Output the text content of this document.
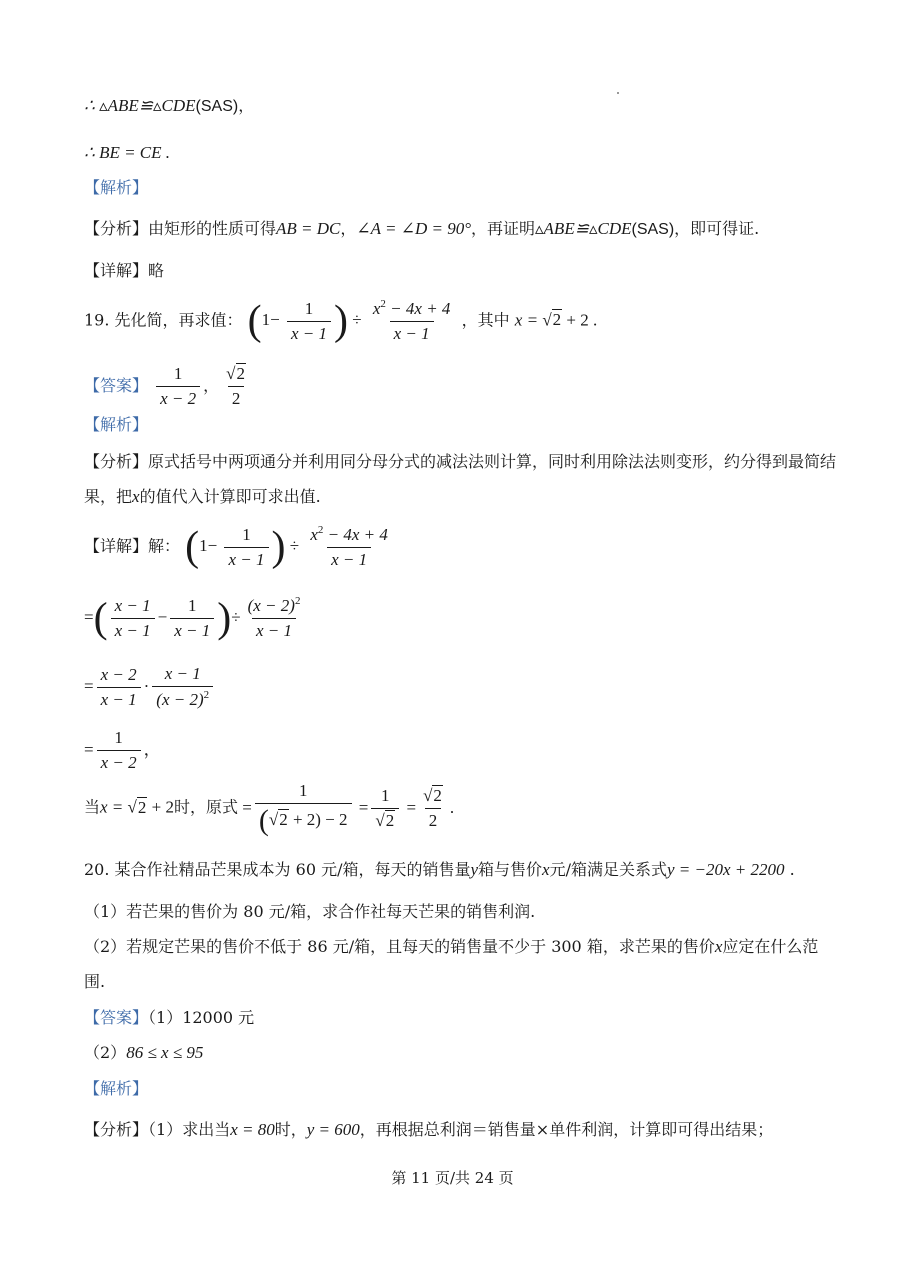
∴ ▵ABE≌▵CDE(SAS)，
∴ BE = CE .
【解析】
【分析】由矩形的性质可得AB = DC，∠A = ∠D = 90°，再证明▵ABE≌▵CDE(SAS)，即可得证.
【详解】略
19. 先化简，再求值： ($1- \frac{1}{x - 1}$ ) ÷ $\frac{x^2 - 4x + 4}{x - 1}$ ，其中 x = √2 + 2 .
【答案】 $\frac{1}{x - 2}$ ， $\frac{√2}{2}$
【解析】
【分析】原式括号中两项通分并利用同分母分式的减法法则计算，同时利用除法法则变形，约分得到最简结
果，把x的值代入计算即可求出值.
【详解】解： ($1- \frac{1}{x - 1}$ ) ÷ $\frac{x^2 - 4x + 4}{x - 1}$
=( $\frac{x - 1}{x - 1} - \frac{1}{x - 1}$ )÷ $\frac{(x - 2)^2}{x - 1}$
= $\frac{x - 2}{x - 1} \cdot \frac{x - 1}{(x - 2)^2}$
= $\frac{1}{x - 2}$ ，
当x = √2 + 2时，原式 = $\frac{1}{(√2 + 2) - 2} = \frac{1}{√2} = \frac{√2}{2}$ .
20. 某合作社精品芒果成本为 60 元/箱，每天的销售量y箱与售价x元/箱满足关系式y = −20x + 2200 .
（1）若芒果的售价为 80 元/箱，求合作社每天芒果的销售利润.
（2）若规定芒果的售价不低于 86 元/箱，且每天的销售量不少于 300 箱，求芒果的售价x应定在什么范
围.
【答案】（1）12000 元
（2）86 ≤ x ≤ 95
【解析】
【分析】（1）求出当x = 80时，y = 600，再根据总利润＝销售量×单件利润，计算即可得出结果；
第 11 页/共 24 页
